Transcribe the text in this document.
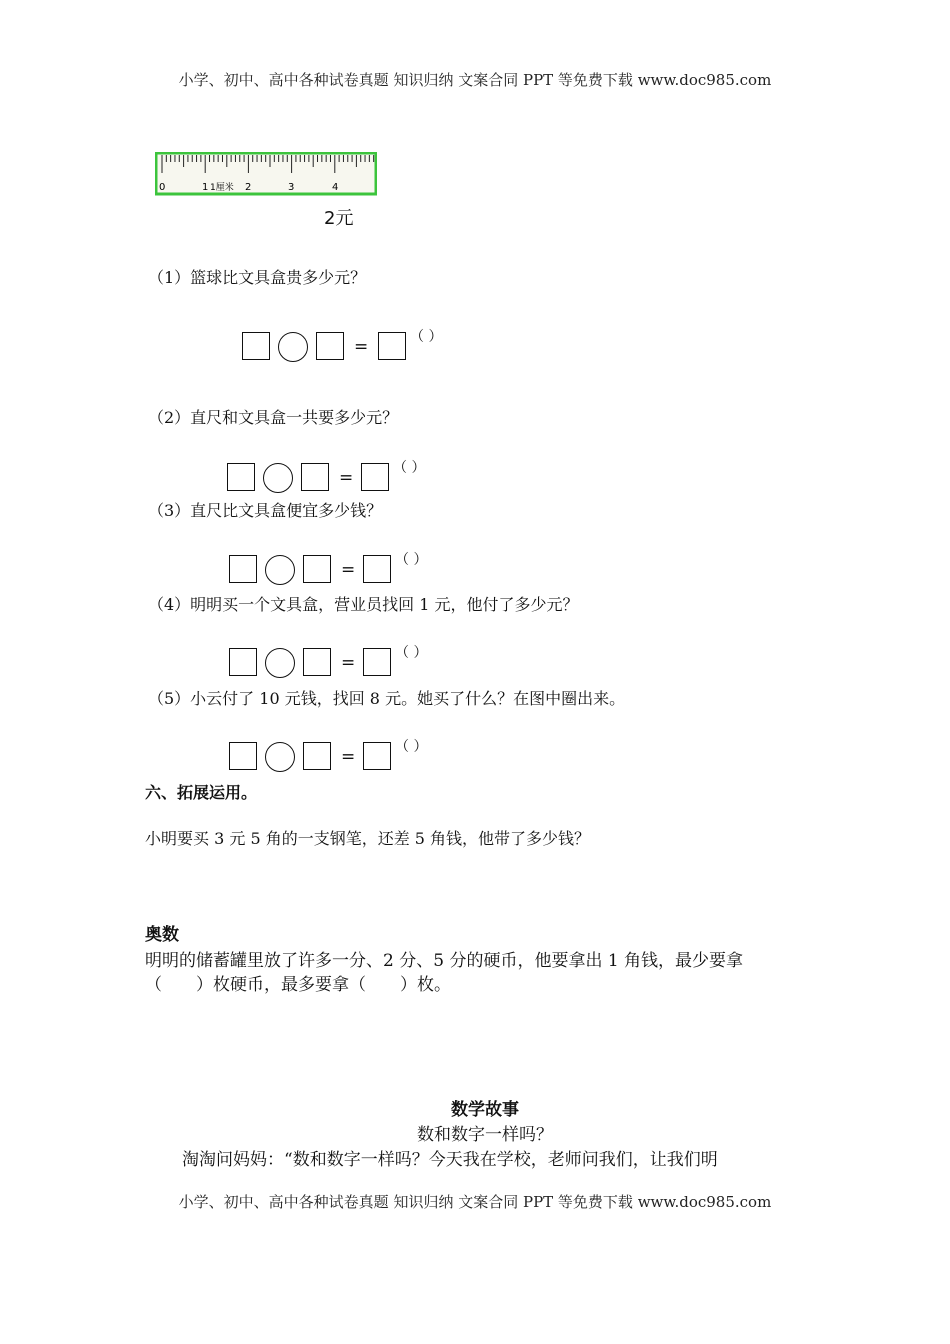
小学、初中、高中各种试卷真题 知识归纳 文案合同 PPT 等免费下载 www.doc985.com
0	1 1厘米 2	3	4
2元
（1）篮球比文具盒贵多少元？
=	（ ）
（2）直尺和文具盒一共要多少元？
=	（ ）
（3）直尺比文具盒便宜多少钱？
=	（ ）
（4）明明买一个文具盒，营业员找回 1 元，他付了多少元？
=	（ ）
（5）小云付了 10 元钱，找回 8 元。她买了什么？在图中圈出来。
=	（ ）
六、拓展运用。
小明要买 3 元 5 角的一支钢笔，还差 5 角钱，他带了多少钱？
奥数
明明的储蓄罐里放了许多一分、2 分、5 分的硬币，他要拿出 1 角钱，最少要拿
（　　）枚硬币，最多要拿（　　）枚。
数学故事
数和数字一样吗？
淘淘问妈妈：“数和数字一样吗？今天我在学校，老师问我们，让我们明
小学、初中、高中各种试卷真题 知识归纳 文案合同 PPT 等免费下载 www.doc985.com
